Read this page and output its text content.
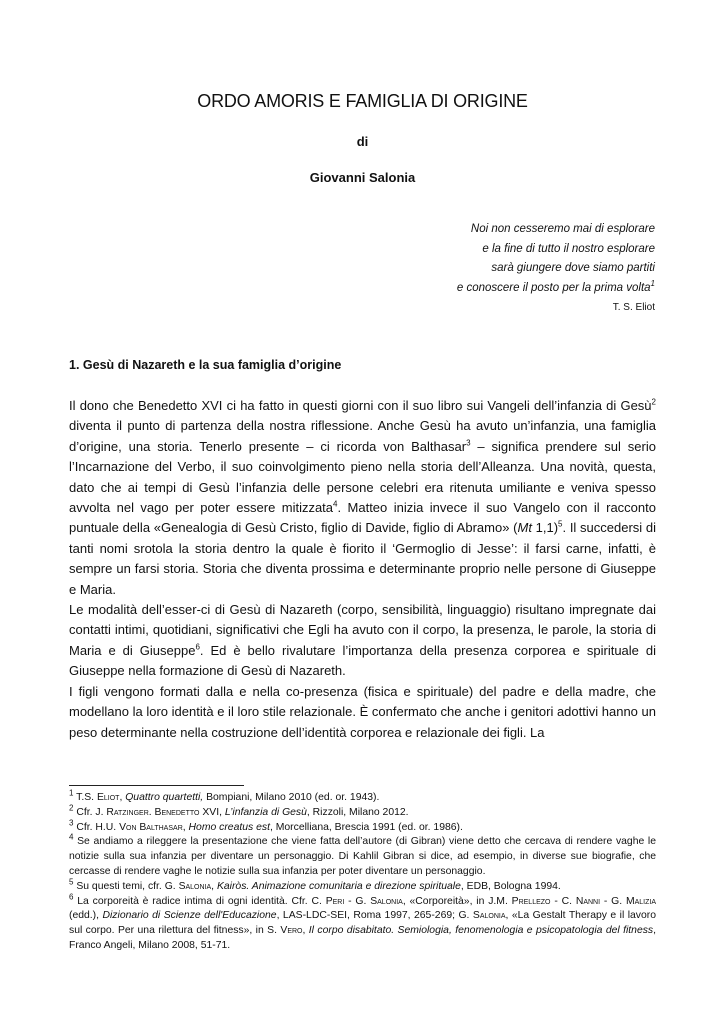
ORDO AMORIS E FAMIGLIA DI ORIGINE
di
Giovanni Salonia
Noi non cesseremo mai di esplorare
e la fine di tutto il nostro esplorare
sarà giungere dove siamo partiti
e conoscere il posto per la prima volta$^1$
T. S. Eliot
1. Gesù di Nazareth e la sua famiglia d’origine

Il dono che Benedetto XVI ci ha fatto in questi giorni con il suo libro sui Vangeli dell’infanzia di Gesù$^2$ diventa il punto di partenza della nostra riflessione. Anche Gesù ha avuto un’infanzia, una famiglia d’origine, una storia. Tenerlo presente – ci ricorda von Balthasar$^3$ – significa prendere sul serio l’Incarnazione del Verbo, il suo coinvolgimento pieno nella storia dell’Alleanza. Una novità, questa, dato che ai tempi di Gesù l’infanzia delle persone celebri era ritenuta umiliante e veniva spesso avvolta nel vago per poter essere mitizzata$^4$. Matteo inizia invece il suo Vangelo con il racconto puntuale della «Genealogia di Gesù Cristo, figlio di Davide, figlio di Abramo» (Mt 1,1)$^5$. Il succedersi di tanti nomi srotola la storia dentro la quale è fiorito il ‘Germoglio di Jesse’: il farsi carne, infatti, è sempre un farsi storia. Storia che diventa prossima e determinante proprio nelle persone di Giuseppe e Maria.

Le modalità dell’esser-ci di Gesù di Nazareth (corpo, sensibilità, linguaggio) risultano impregnate dai contatti intimi, quotidiani, significativi che Egli ha avuto con il corpo, la presenza, le parole, la storia di Maria e di Giuseppe$^6$. Ed è bello rivalutare l’importanza della presenza corporea e spirituale di Giuseppe nella formazione di Gesù di Nazareth.

I figli vengono formati dalla e nella co-presenza (fisica e spirituale) del padre e della madre, che modellano la loro identità e il loro stile relazionale. È confermato che anche i genitori adottivi hanno un peso determinante nella costruzione dell’identità corporea e relazionale dei figli. La

$^1$ T.S. Eliot, Quattro quartetti, Bompiani, Milano 2010 (ed. or. 1943).

$^2$ Cfr. J. Ratzinger. Benedetto XVI, L’infanzia di Gesù, Rizzoli, Milano 2012.

$^3$ Cfr. H.U. Von Balthasar, Homo creatus est, Morcelliana, Brescia 1991 (ed. or. 1986).

$^4$ Se andiamo a rileggere la presentazione che viene fatta dell’autore (di Gibran) viene detto che cercava di rendere vaghe le notizie sulla sua infanzia per diventare un personaggio. Di Kahlil Gibran si dice, ad esempio, in diverse sue biografie, che cercasse di rendere vaghe le notizie sulla sua infanzia per poter diventare un personaggio.

$^5$ Su questi temi, cfr. G. Salonia, Kairòs. Animazione comunitaria e direzione spirituale, EDB, Bologna 1994.

$^6$ La corporeità è radice intima di ogni identità. Cfr. C. Peri - G. Salonia, «Corporeità», in J.M. Prellezo - C. Nanni - G. Malizia (edd.), Dizionario di Scienze dell'Educazione, LAS-LDC-SEI, Roma 1997, 265-269; G. Salonia, «La Gestalt Therapy e il lavoro sul corpo. Per una rilettura del fitness», in S. Vero, Il corpo disabitato. Semiologia, fenomenologia e psicopatologia del fitness, Franco Angeli, Milano 2008, 51-71.
